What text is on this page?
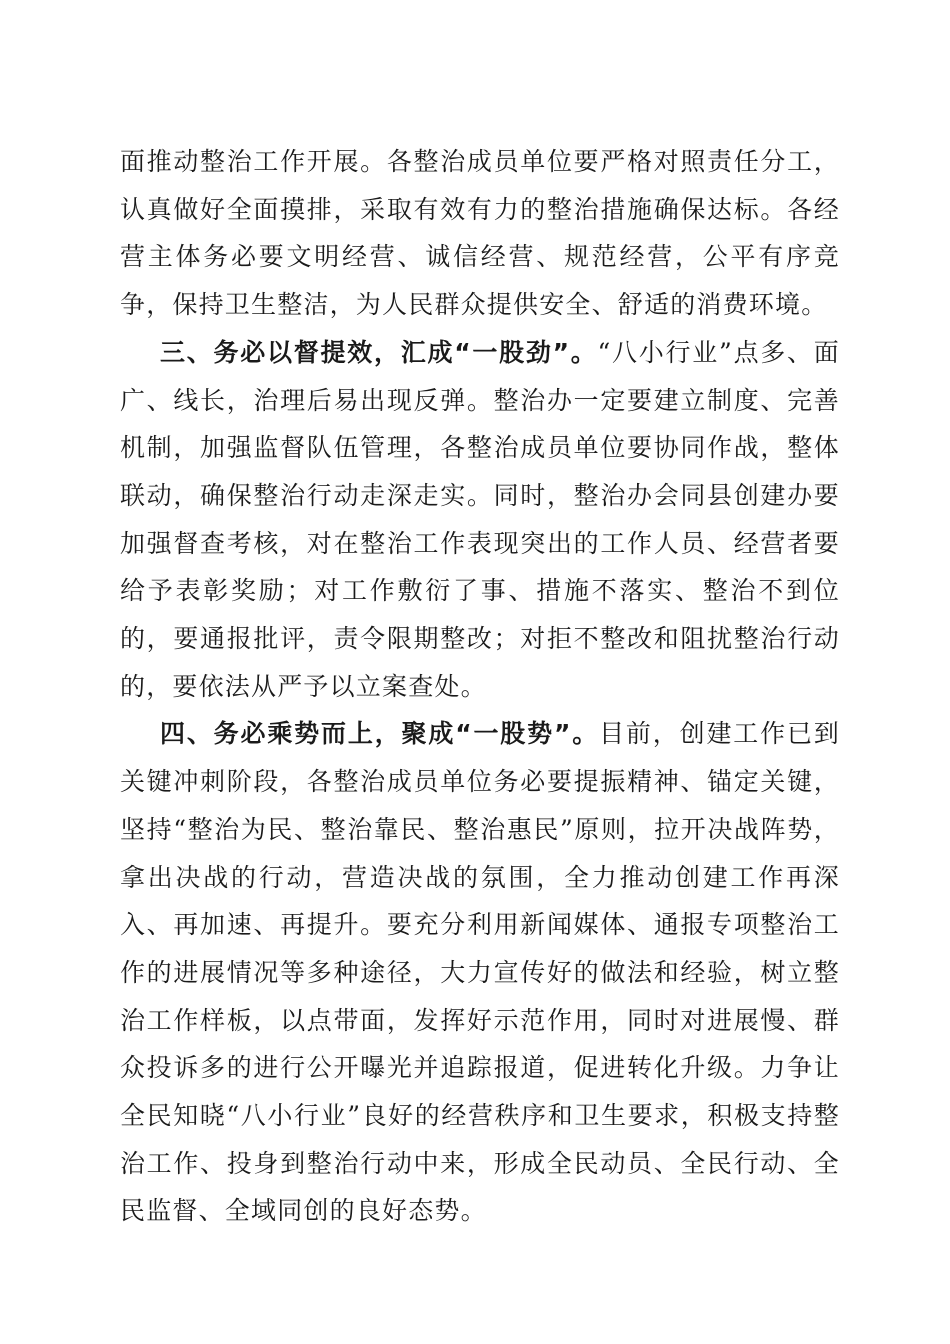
面推动整治工作开展。各整治成员单位要严格对照责任分工，认真做好全面摸排，采取有效有力的整治措施确保达标。各经营主体务必要文明经营、诚信经营、规范经营，公平有序竞争，保持卫生整洁，为人民群众提供安全、舒适的消费环境。

三、务必以督提效，汇成“一股劲”。“八小行业”点多、面广、线长，治理后易出现反弹。整治办一定要建立制度、完善机制，加强监督队伍管理，各整治成员单位要协同作战，整体联动，确保整治行动走深走实。同时，整治办会同县创建办要加强督查考核，对在整治工作表现突出的工作人员、经营者要给予表彰奖励；对工作敷衍了事、措施不落实、整治不到位的，要通报批评，责令限期整改；对拒不整改和阻扰整治行动的，要依法从严予以立案查处。

四、务必乘势而上，聚成“一股势”。目前，创建工作已到关键冲刺阶段，各整治成员单位务必要提振精神、锚定关键，坚持“整治为民、整治靠民、整治惠民”原则，拉开决战阵势，拿出决战的行动，营造决战的氛围，全力推动创建工作再深入、再加速、再提升。要充分利用新闻媒体、通报专项整治工作的进展情况等多种途径，大力宣传好的做法和经验，树立整治工作样板，以点带面，发挥好示范作用，同时对进展慢、群众投诉多的进行公开曝光并追踪报道，促进转化升级。力争让全民知晓“八小行业”良好的经营秩序和卫生要求，积极支持整治工作、投身到整治行动中来，形成全民动员、全民行动、全民监督、全域同创的良好态势。
